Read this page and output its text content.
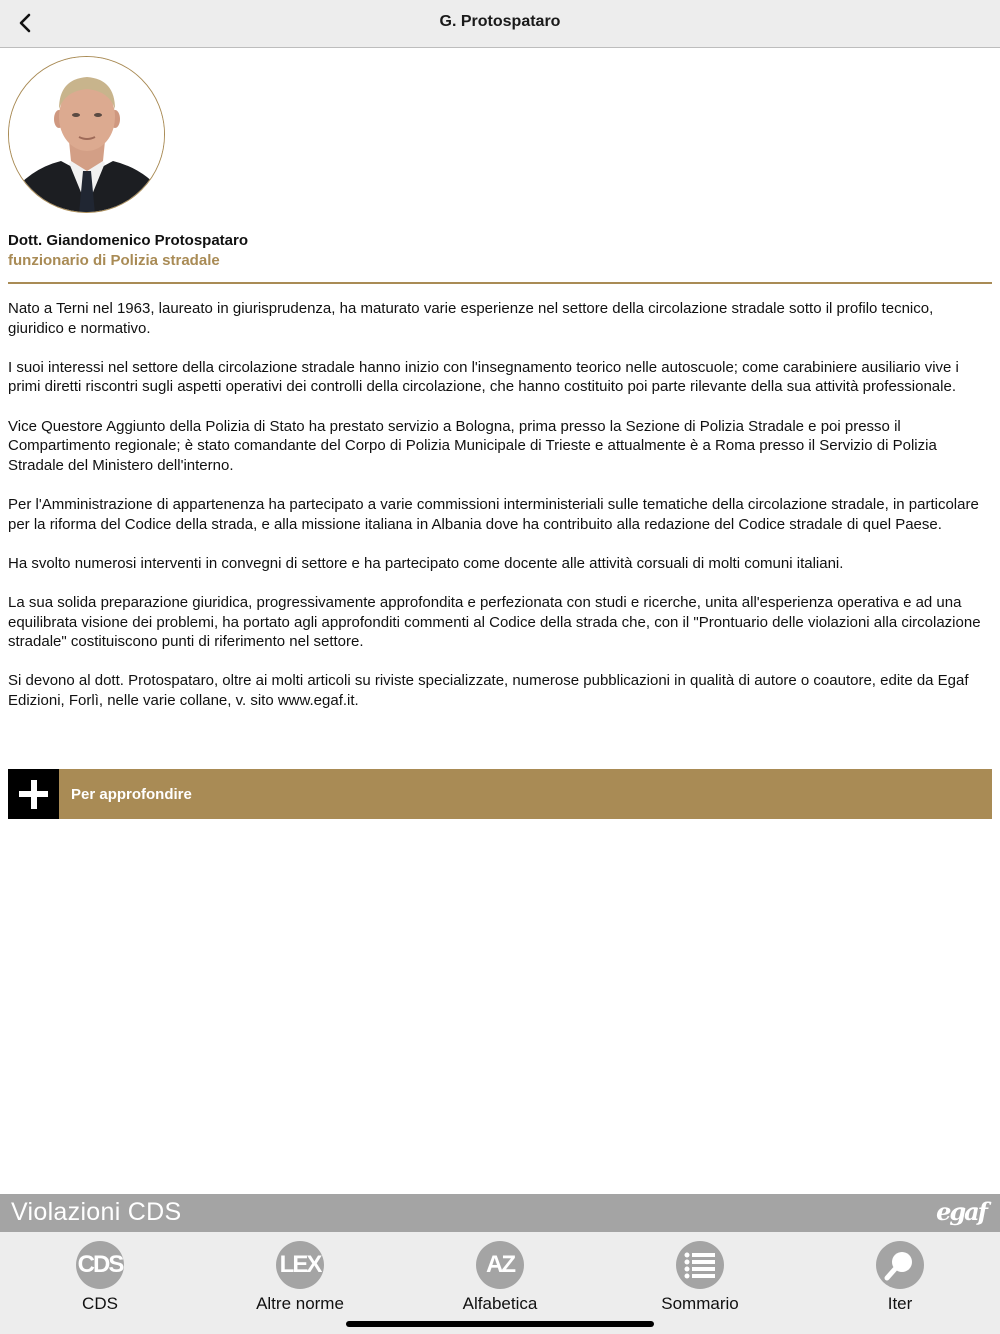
G. Protospataro
Dott. Giandomenico Protospataro
funzionario di Polizia stradale

Nato a Terni nel 1963, laureato in giurisprudenza, ha maturato varie esperienze nel settore della circolazione stradale sotto il profilo tecnico, giuridico e normativo.

I suoi interessi nel settore della circolazione stradale hanno inizio con l'insegnamento teorico nelle autoscuole; come carabiniere ausiliario vive i primi diretti riscontri sugli aspetti operativi dei controlli della circolazione, che hanno costituito poi parte rilevante della sua attività professionale.

Vice Questore Aggiunto della Polizia di Stato ha prestato servizio a Bologna, prima presso la Sezione di Polizia Stradale e poi presso il Compartimento regionale; è stato comandante del Corpo di Polizia Municipale di Trieste e attualmente è a Roma presso il Servizio di Polizia Stradale del Ministero dell'interno.

Per l'Amministrazione di appartenenza ha partecipato a varie commissioni interministeriali sulle tematiche della circolazione stradale, in particolare per la riforma del Codice della strada, e alla missione italiana in Albania dove ha contribuito alla redazione del Codice stradale di quel Paese.

Ha svolto numerosi interventi in convegni di settore e ha partecipato come docente alle attività corsuali di molti comuni italiani.

La sua solida preparazione giuridica, progressivamente approfondita e perfezionata con studi e ricerche, unita all'esperienza operativa e ad una equilibrata visione dei problemi, ha portato agli approfonditi commenti al Codice della strada che, con il "Prontuario delle violazioni alla circolazione stradale" costituiscono punti di riferimento nel settore.

Si devono al dott. Protospataro, oltre ai molti articoli su riviste specializzate, numerose pubblicazioni in qualità di autore o coautore, edite da Egaf Edizioni, Forlì, nelle varie collane, v. sito www.egaf.it.

Per approfondire
Violazioni CDS	egaf
CDS
CDS
LEX
Altre norme
AZ
Alfabetica	Sommario	Iter
